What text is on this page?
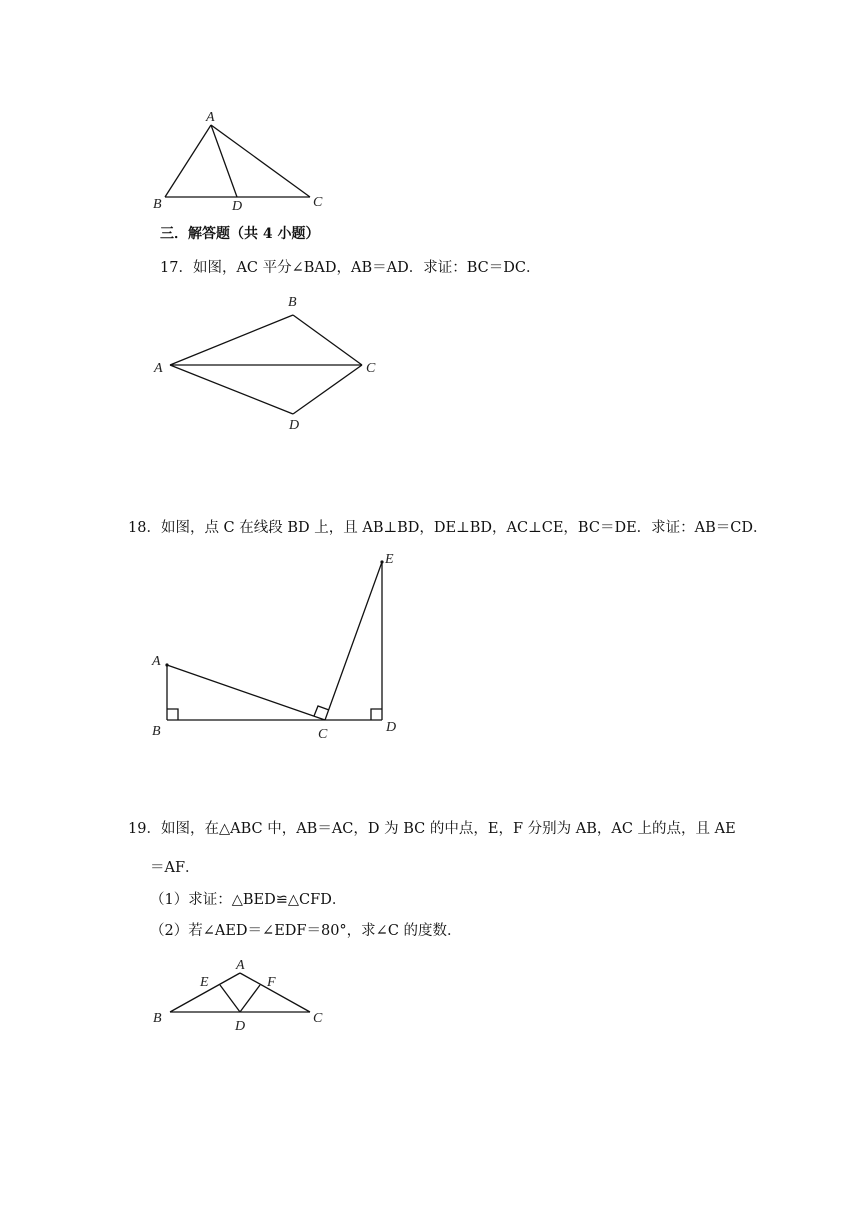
A
B	D	C
三．解答题（共 4 小题）
17．如图，AC 平分∠BAD，AB＝AD．求证：BC＝DC．
B
A	C
D
18．如图，点 C 在线段 BD 上，且 AB⊥BD，DE⊥BD，AC⊥CE，BC＝DE．求证：AB＝CD．
E
A
B	C	D
19．如图，在△ABC 中，AB＝AC，D 为 BC 的中点，E，F 分别为 AB，AC 上的点，且 AE
＝AF．
（1）求证：△BED≌△CFD．
（2）若∠AED＝∠EDF＝80°，求∠C 的度数．
A
E	F
B	C
D
